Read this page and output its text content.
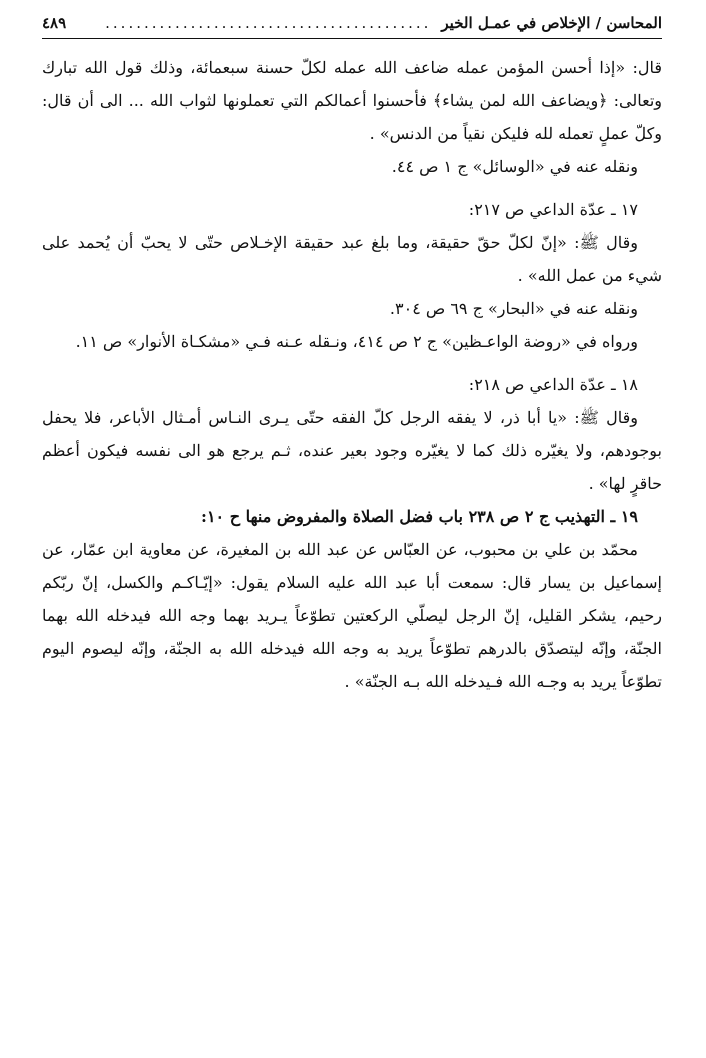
المحاسن / الإخلاص في عمـل الخير
..........................................
٤٨٩

قال: «إذا أحسن المؤمن عمله ضاعف الله عمله لكلّ حسنة سبعمائة، وذلك قول الله تبارك وتعالى: ﴿ويضاعف الله لمن يشاء﴾ فأحسنوا أعمالكم التي تعملونها لثواب الله ... الى أن قال: وكلّ عملٍ تعمله لله فليكن نقياً من الدنس» .

ونقله عنه في «الوسائل» ج ١ ص ٤٤.

١٧ ـ عدّة الداعي ص ٢١٧:

وقال ﷺ: «إنّ لكلّ حقّ حقيقة، وما بلغ عبد حقيقة الإخـلاص حتّى لا يحبّ أن يُحمد على شيء من عمل الله» .

ونقله عنه في «البحار» ج ٦٩ ص ٣٠٤.

ورواه في «روضة الواعـظين» ج ٢ ص ٤١٤، ونـقله عـنه فـي «مشكـاة الأنوار» ص ١١.

١٨ ـ عدّة الداعي ص ٢١٨:

وقال ﷺ: «يا أبا ذر، لا يفقه الرجل كلّ الفقه حتّى يـرى النـاس أمـثال الأباعر، فلا يحفل بوجودهم، ولا يغيّره ذلك كما لا يغيّره وجود بعير عنده، ثـم يرجع هو الى نفسه فيكون أعظم حاقرٍ لها» .

١٩ ـ التهذيب ج ٢ ص ٢٣٨ باب فضل الصلاة والمفروض منها ح ١٠:

محمّد بن علي بن محبوب، عن العبّاس عن عبد الله بن المغيرة، عن معاوية ابن عمّار، عن إسماعيل بن يسار قال: سمعت أبا عبد الله عليه السلام يقول: «إيّـاكـم والكسل، إنّ ربّكم رحيم، يشكر القليل، إنّ الرجل ليصلّي الركعتين تطوّعاً يـريد بهما وجه الله فيدخله الله بهما الجنّة، وإنّه ليتصدّق بالدرهم تطوّعاً يريد به وجه الله فيدخله الله به الجنّة، وإنّه ليصوم اليوم تطوّعاً يريد به وجـه الله فـيدخله الله بـه الجنّة» .
